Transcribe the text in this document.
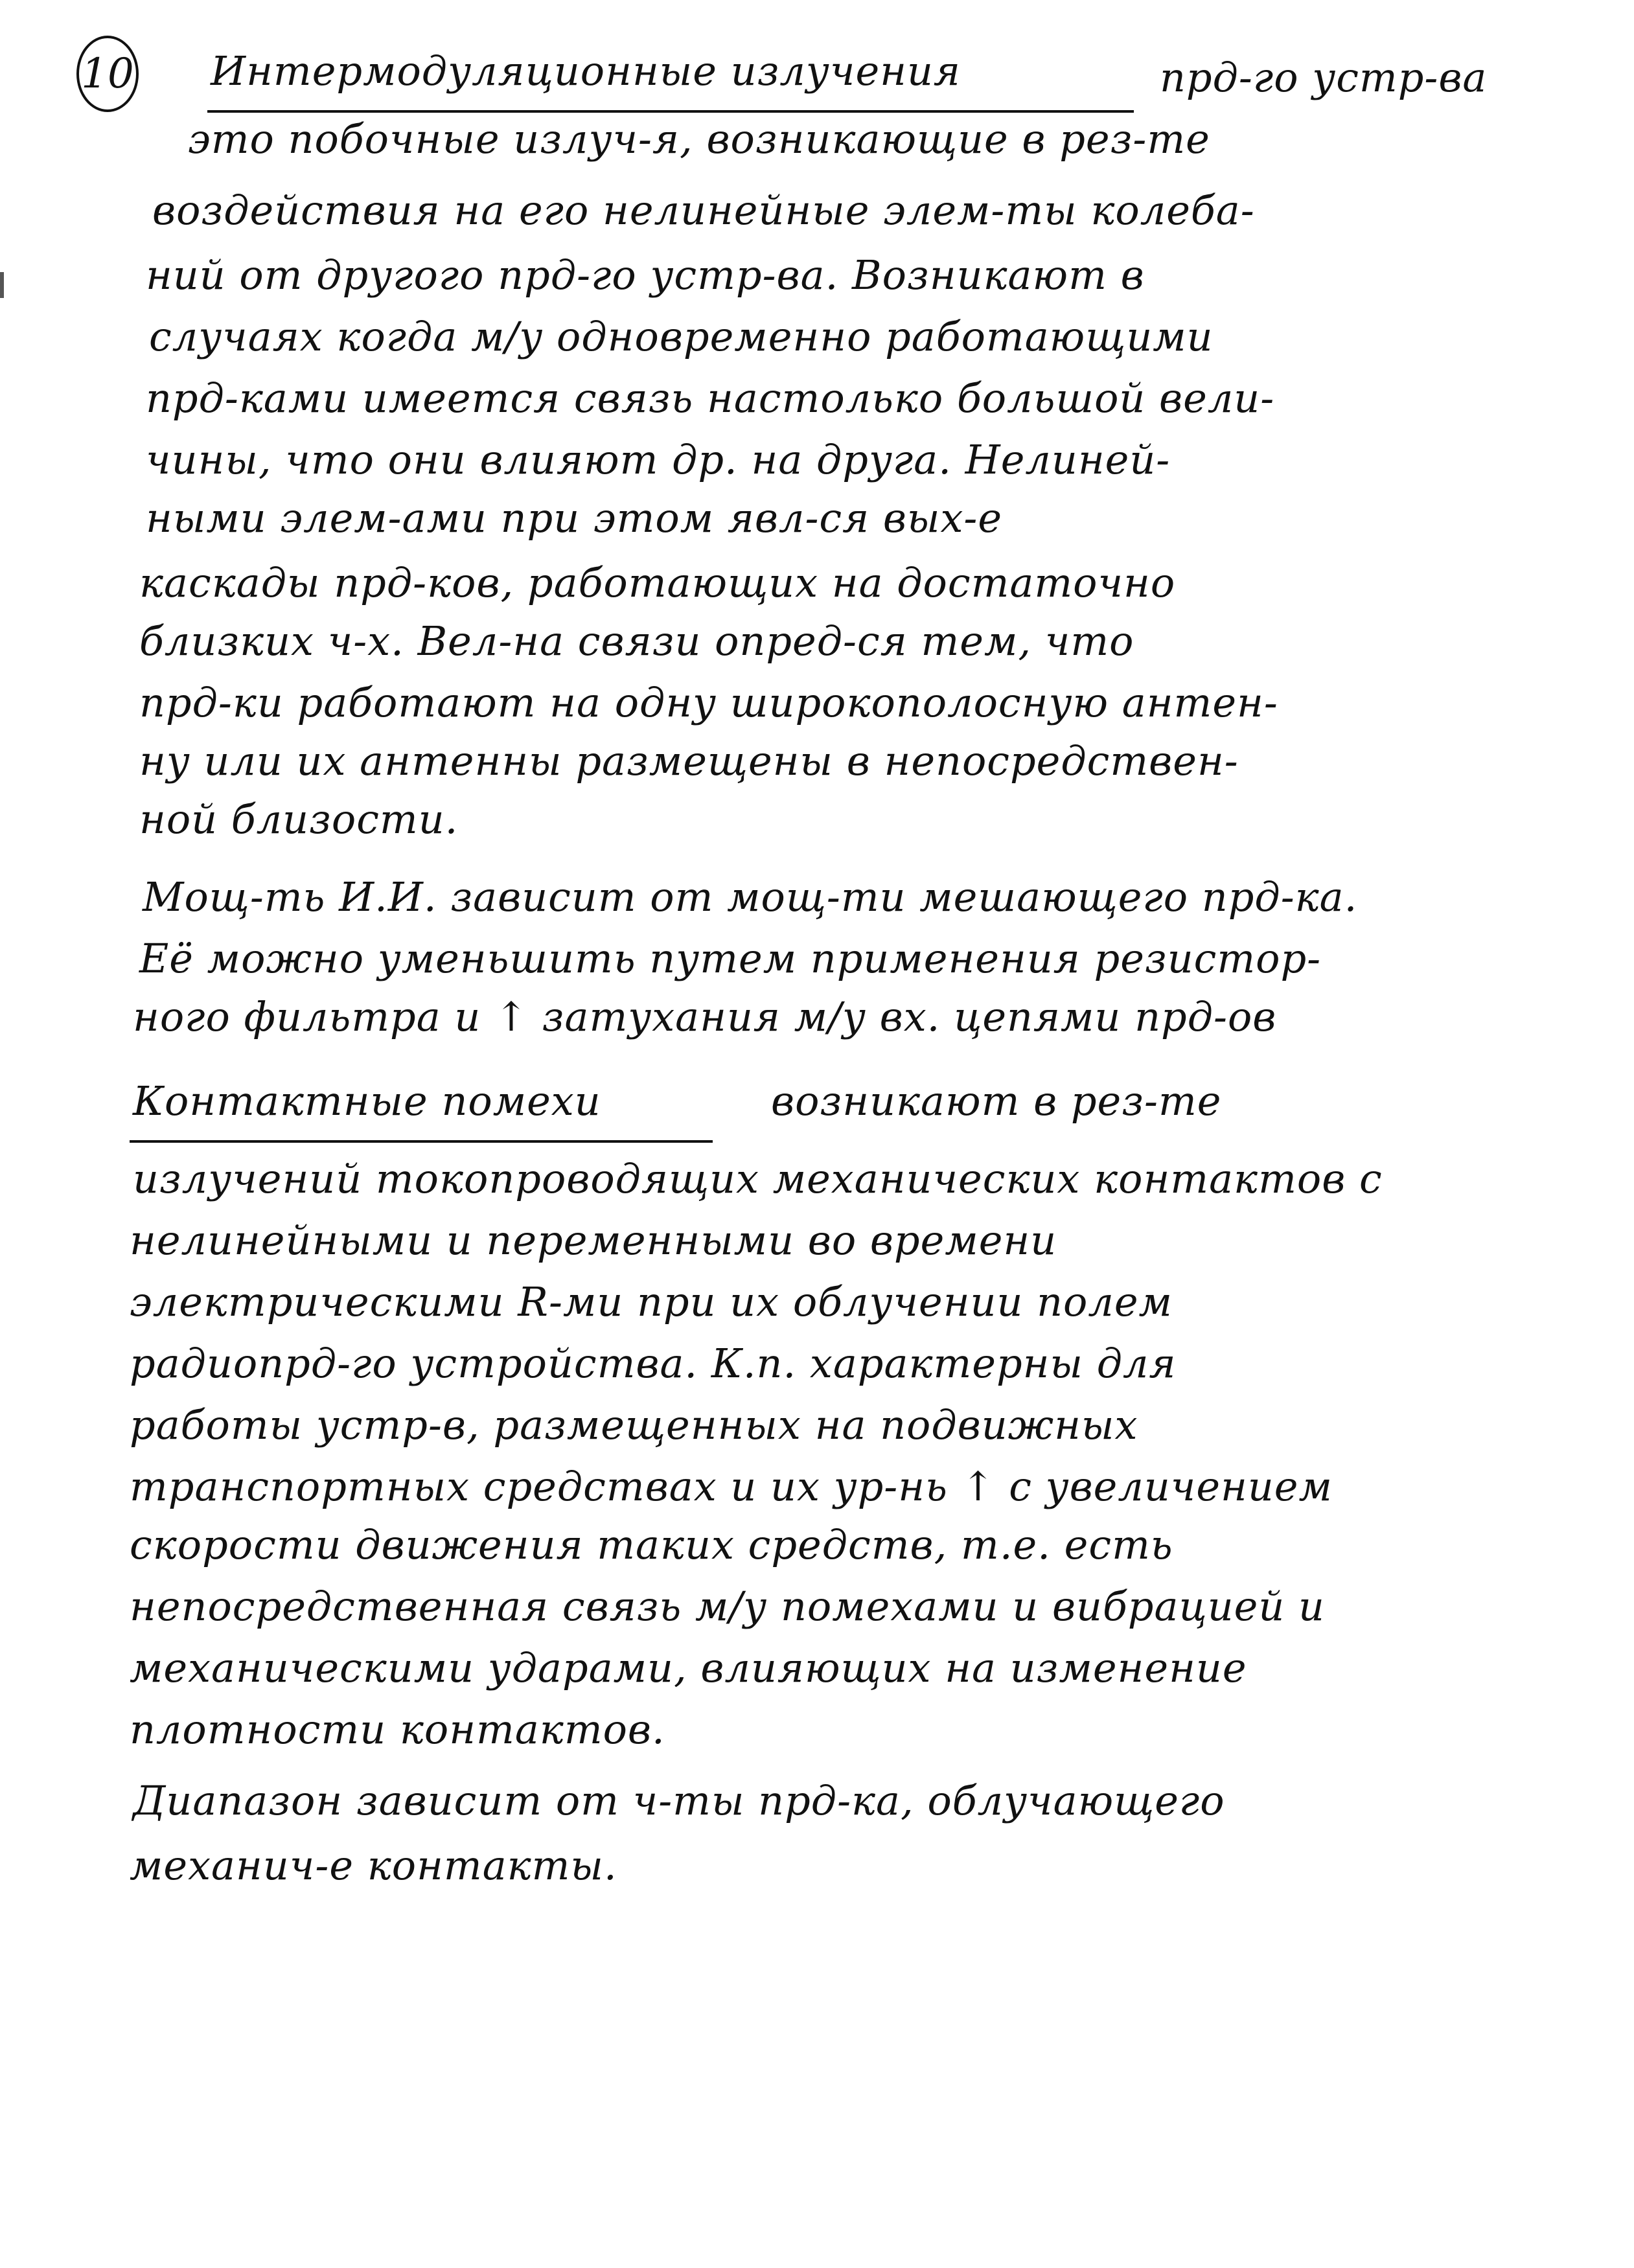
10 Интермодуляционные излучения	прд-го устр-ва
это побочные излуч-я, возникающие в рез-те
воздействия на его нелинейные элем-ты колеба-
ний от другого прд-го устр-ва. Возникают в
случаях когда м/у одновременно работающими
прд-ками имеется связь настолько большой вели-
чины, что они влияют др. на друга. Нелиней-
ными элем-ами при этом явл-ся вых-е
каскады прд-ков, работающих на достаточно
близких ч-х. Вел-на связи опред-ся тем, что
прд-ки работают на одну широкополосную антен-
ну или их антенны размещены в непосредствен-
ной близости.
Мощ-ть И.И. зависит от мощ-ти мешающего прд-ка.
Её можно уменьшить путем применения резистор-
ного фильтра и ↑ затухания м/у вх. цепями прд-ов
Контактные помехи	возникают в рез-те
излучений токопроводящих механических контактов с
нелинейными и переменными во времени
электрическими R-ми при их облучении полем
радиопрд-го устройства. К.п. характерны для
работы устр-в, размещенных на подвижных
транспортных средствах и их ур-нь ↑ с увеличением
скорости движения таких средств, т.е. есть
непосредственная связь м/у помехами и вибрацией и
механическими ударами, влияющих на изменение
плотности контактов.
Диапазон зависит от ч-ты прд-ка, облучающего
механич-е контакты.
